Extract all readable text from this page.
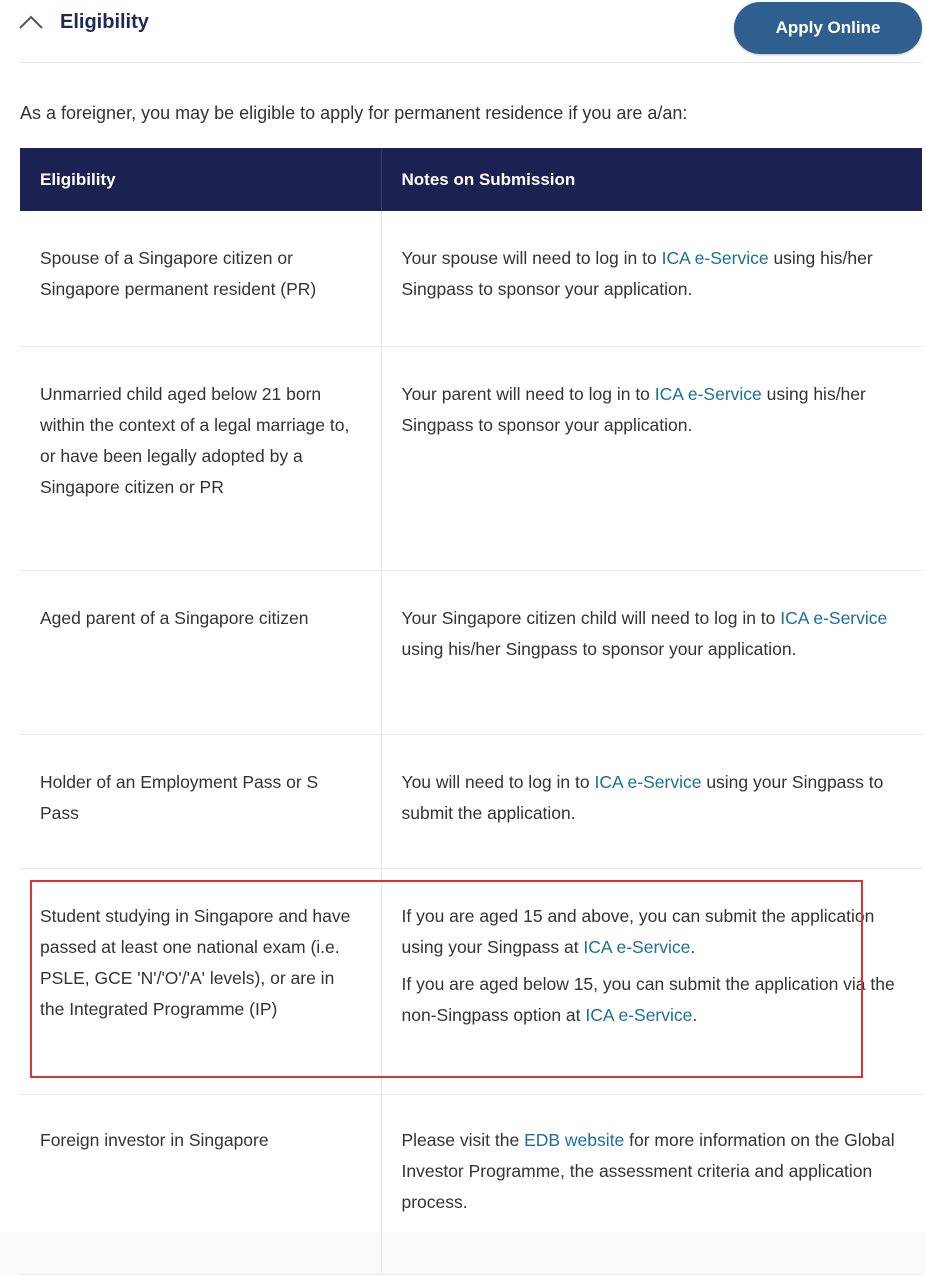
Eligibility	Apply Online
As a foreigner, you may be eligible to apply for permanent residence if you are a/an:
Eligibility	Notes on Submission
Spouse of a Singapore citizen or Singapore permanent resident (PR)	Your spouse will need to log in to ICA e-Service using his/her Singpass to sponsor your application.

Unmarried child aged below 21 born within the context of a legal marriage to, or have been legally adopted by a Singapore citizen or PR	Your parent will need to log in to ICA e-Service using his/her Singpass to sponsor your application.

Aged parent of a Singapore citizen	Your Singapore citizen child will need to log in to ICA e-Service using his/her Singpass to sponsor your application.

Holder of an Employment Pass or S Pass	You will need to log in to ICA e-Service using your Singpass to submit the application.

Student studying in Singapore and have passed at least one national exam (i.e. PSLE, GCE 'N'/'O'/'A' levels), or are in the Integrated Programme (IP)	If you are aged 15 and above, you can submit the application using your Singpass at ICA e-Service.

If you are aged below 15, you can submit the application via the non-Singpass option at ICA e-Service.

Foreign investor in Singapore	Please visit the EDB website for more information on the Global Investor Programme, the assessment criteria and application process.
